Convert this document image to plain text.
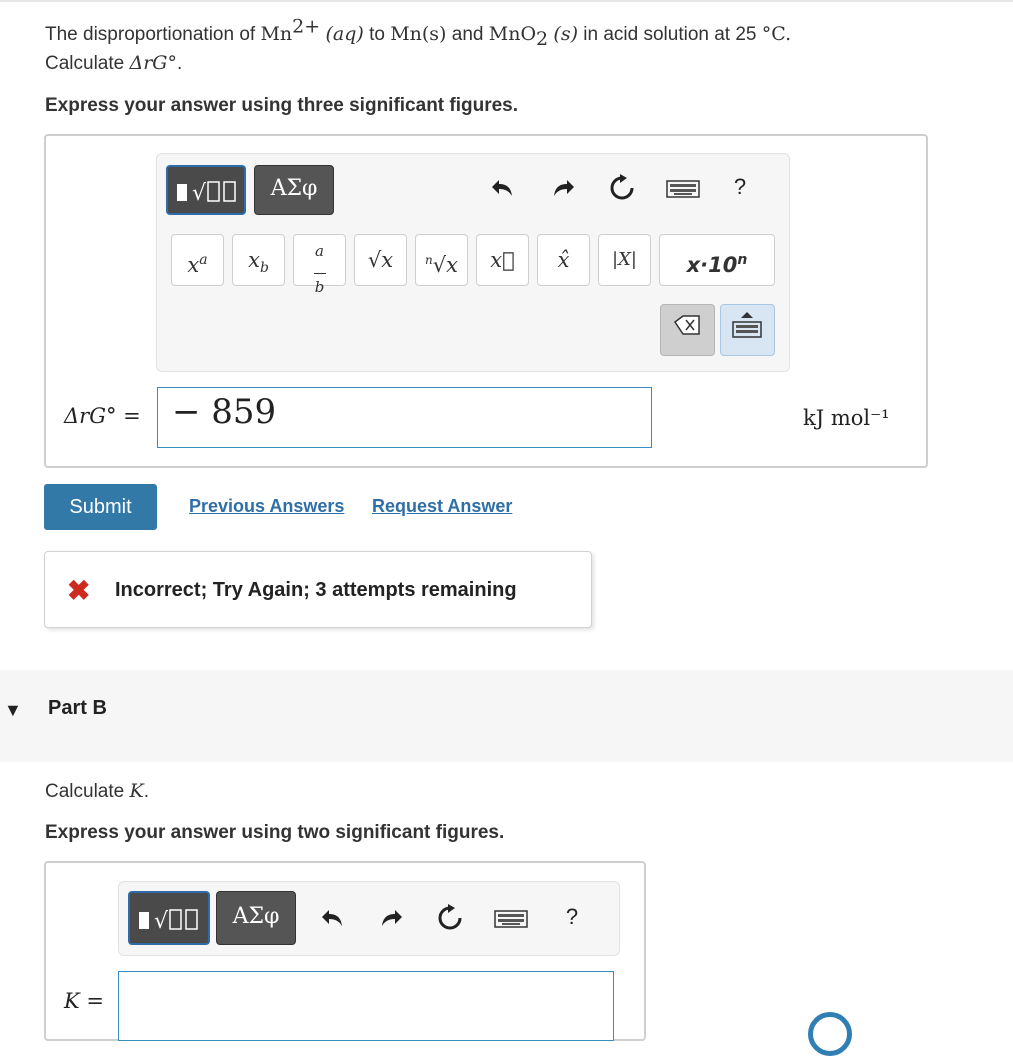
The disproportionation of $Mn^{2+}$ (aq) to Mn(s) and MnO$_2$ (s) in acid solution at 25 °C.
Calculate ΔrG°.
Express your answer using three significant figures.
√	ΑΣφ	?
$x^a$	$x_b$
a

b
√x	$^n$√x	x⃗	x̂	|X|	$x\cdot 10^n$
ΔrG° = − 859	kJ mol⁻¹
Submit	Previous Answers Request Answer
✖ Incorrect; Try Again; 3 attempts remaining
▼ Part B
Calculate K.
Express your answer using two significant figures.
√	ΑΣφ	?
K =
